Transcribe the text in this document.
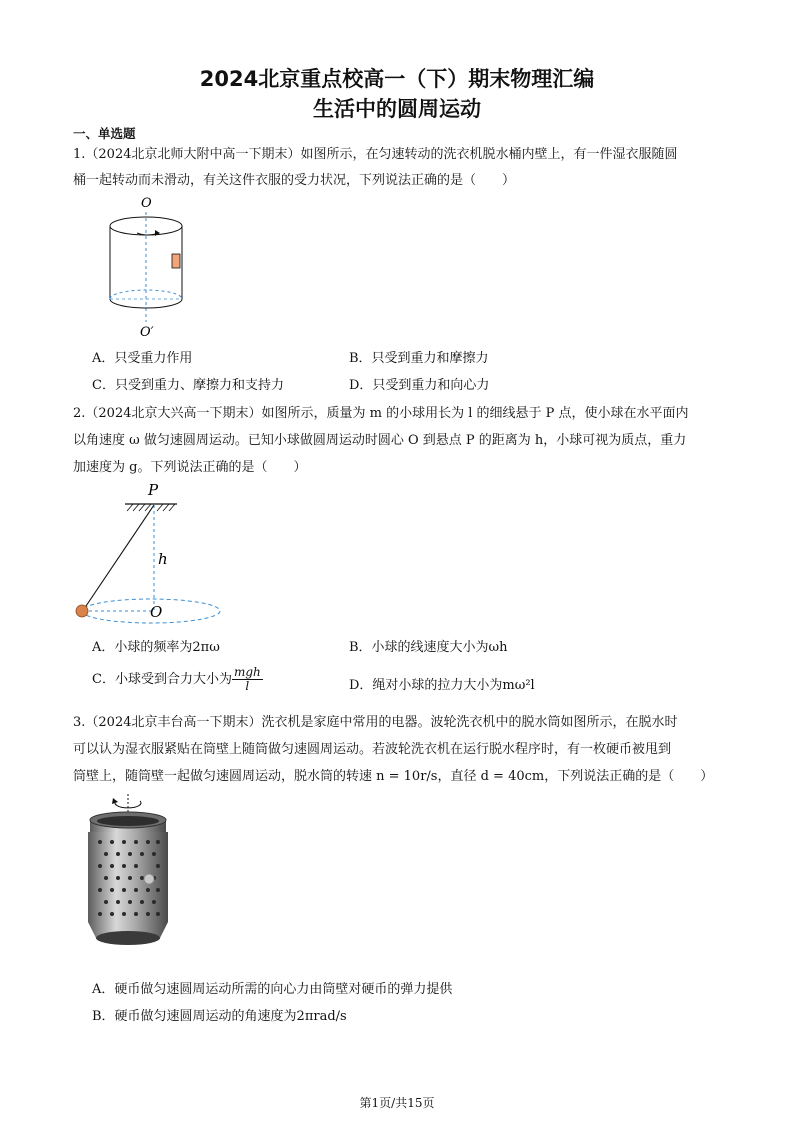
2024北京重点校高一（下）期末物理汇编
生活中的圆周运动
一、单选题
1.（2024北京北师大附中高一下期末）如图所示，在匀速转动的洗衣机脱水桶内壁上，有一件湿衣服随圆
桶一起转动而未滑动，有关这件衣服的受力状况，下列说法正确的是（　　）
O
O′
A．只受重力作用	B．只受到重力和摩擦力
C．只受到重力、摩擦力和支持力	D．只受到重力和向心力
2.（2024北京大兴高一下期末）如图所示，质量为 m 的小球用长为 l 的细线悬于 P 点，使小球在水平面内
以角速度 ω 做匀速圆周运动。已知小球做圆周运动时圆心 O 到悬点 P 的距离为 h，小球可视为质点，重力
加速度为 g。下列说法正确的是（　　）
P
h
O
A．小球的频率为2πω	B．小球的线速度大小为ωh
C．小球受到合力大小为 $\frac{\text{mgh}}{l}$	D．绳对小球的拉力大小为mω²l
3.（2024北京丰台高一下期末）洗衣机是家庭中常用的电器。波轮洗衣机中的脱水筒如图所示，在脱水时
可以认为湿衣服紧贴在筒壁上随筒做匀速圆周运动。若波轮洗衣机在运行脱水程序时，有一枚硬币被甩到
筒壁上，随筒壁一起做匀速圆周运动，脱水筒的转速 n = 10r/s，直径 d = 40cm，下列说法正确的是（　　）
A．硬币做匀速圆周运动所需的向心力由筒壁对硬币的弹力提供
B．硬币做匀速圆周运动的角速度为2πrad/s
第1页/共15页
